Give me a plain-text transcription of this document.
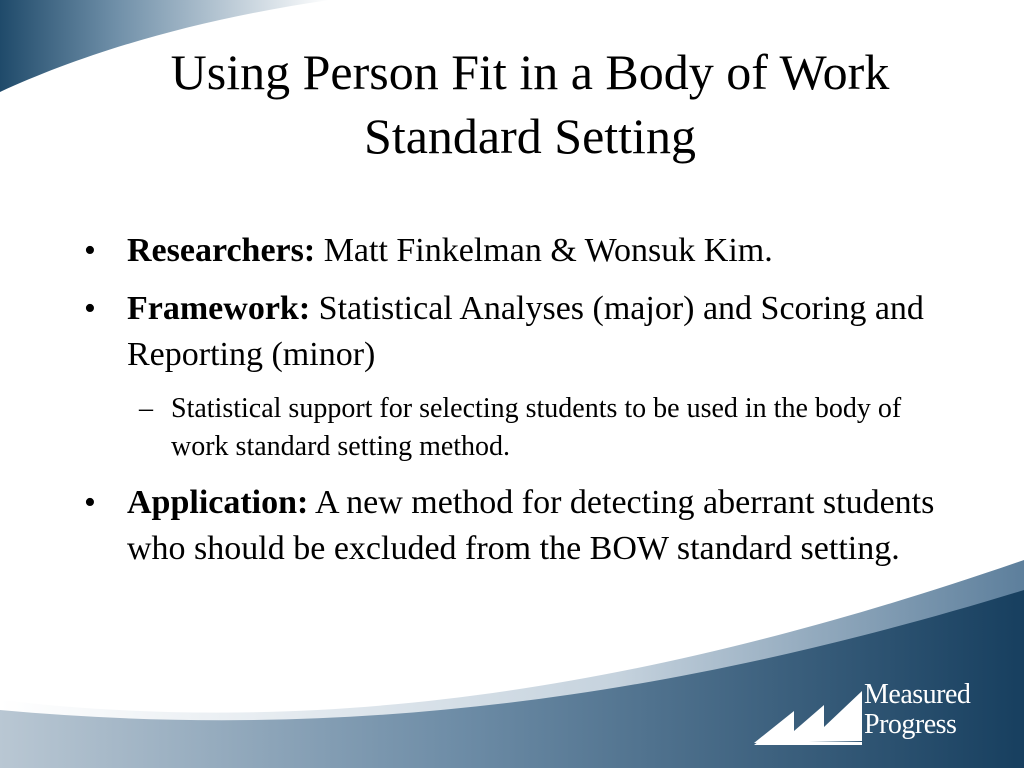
Using Person Fit in a Body of Work
Standard Setting
• Researchers: Matt Finkelman & Wonsuk Kim.
• Framework: Statistical Analyses (major) and Scoring and Reporting (minor)
– Statistical support for selecting students to be used in the body of work standard setting method.
• Application: A new method for detecting aberrant students who should be excluded from the BOW standard setting.
Measured
Progress
